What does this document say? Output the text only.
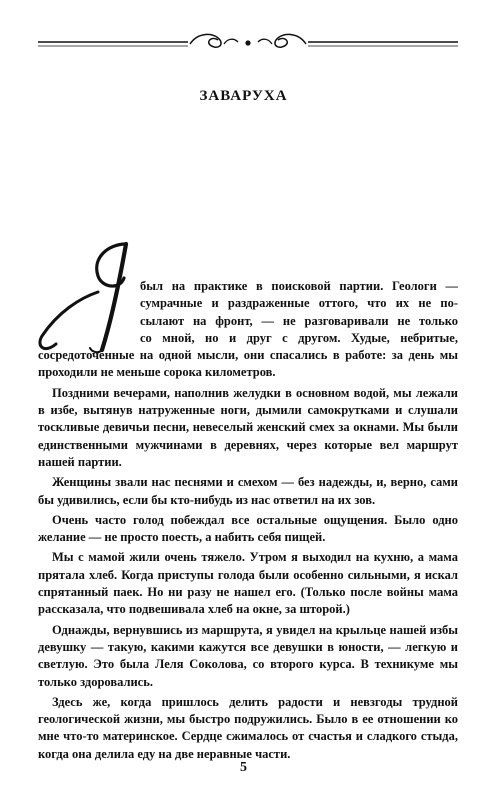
ЗАВАРУХА

был на практике в поисковой партии. Геологи —
сумрачные и раздраженные оттого, что их не по-
сылают на фронт, — не разговаривали не только
со мной, но и друг с другом. Худые, небритые,
сосредоточенные на одной мысли, они спасались в работе: за день мы проходили не меньше сорока километров.

Поздними вечерами, наполнив желудки в основном водой, мы лежали в избе, вытянув натруженные ноги, дымили самокрутками и слушали тоскливые девичьи песни, невеселый женский смех за окнами. Мы были единственными мужчинами в деревнях, через которые вел маршрут нашей партии.

Женщины звали нас песнями и смехом — без надежды, и, верно, сами бы удивились, если бы кто-нибудь из нас ответил на их зов.

Очень часто голод побеждал все остальные ощущения. Было одно желание — не просто поесть, а набить себя пищей.

Мы с мамой жили очень тяжело. Утром я выходил на кухню, а мама прятала хлеб. Когда приступы голода были особенно сильными, я искал спрятанный паек. Но ни разу не нашел его. (Только после войны мама рассказала, что подвешивала хлеб на окне, за шторой.)

Однажды, вернувшись из маршрута, я увидел на крыльце нашей избы девушку — такую, какими кажутся все девушки в юности, — легкую и светлую. Это была Леля Соколова, со второго курса. В техникуме мы только здоровались.

Здесь же, когда пришлось делить радости и невзгоды трудной геологической жизни, мы быстро подружились. Было в ее отношении ко мне что-то материнское. Сердце сжималось от счастья и сладкого стыда, когда она делила еду на две неравные части.

5
